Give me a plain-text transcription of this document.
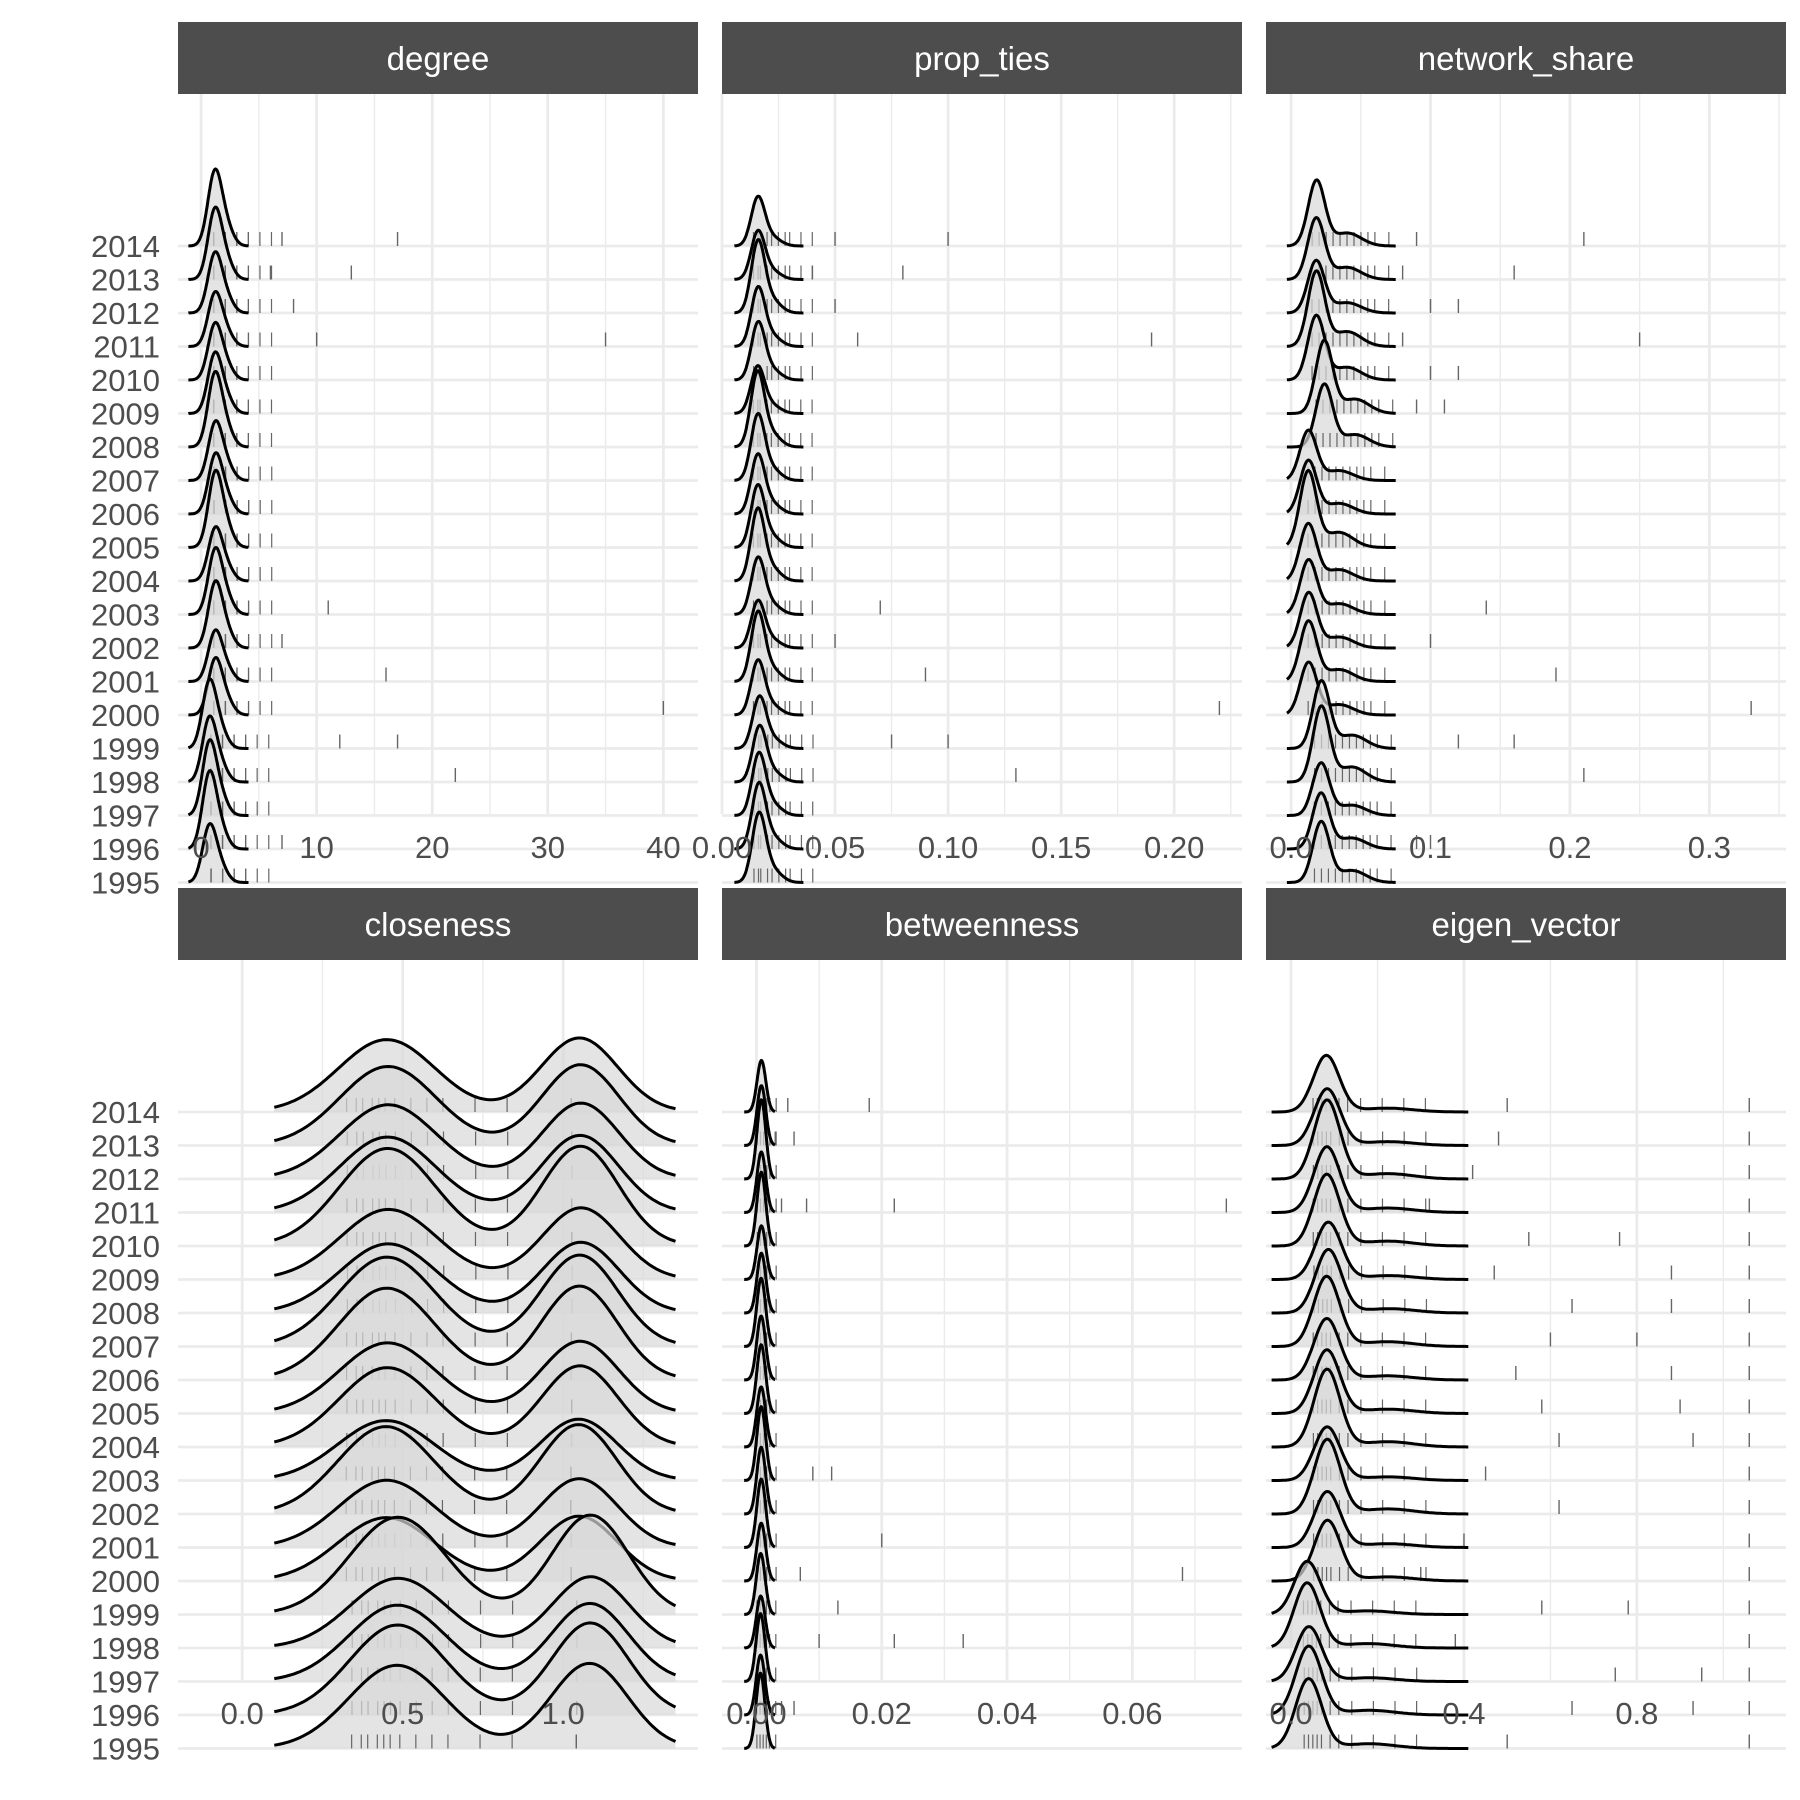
degree
2014
2013
2012
2011
2010
2009
2008
2007
2006
2005
2004
2003
2002
2001
2000
1999
1998
1997
1996
1995
0	10	20	30	40
prop_ties
0.00 0.05 0.10 0.15 0.20
network_share
0.0	0.1	0.2	0.3
closeness
2014
2013
2012
2011
2010
2009
2008
2007
2006
2005
2004
2003
2002
2001
2000
1999
1998
1997
1996
1995
0.0	0.5	1.0
betweenness
0.00 0.02 0.04 0.06
eigen_vector
0.0	0.4	0.8
